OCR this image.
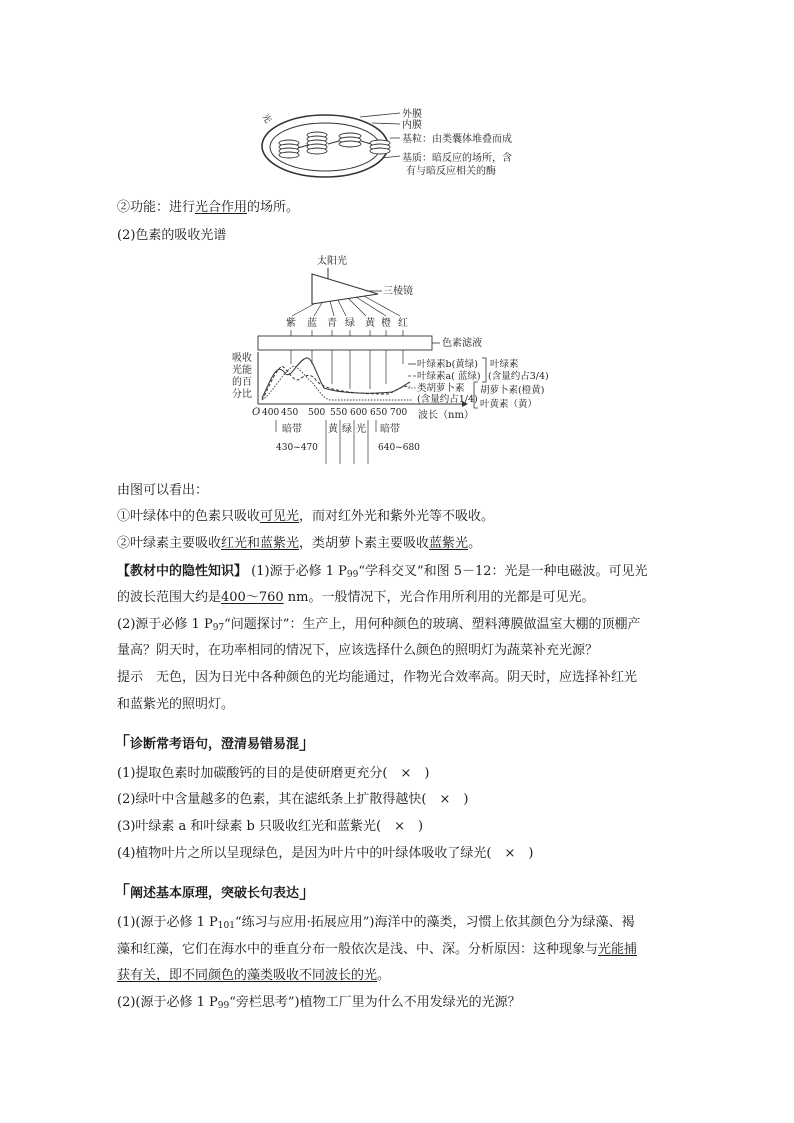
光	外膜
内膜
基粒：由类囊体堆叠而成
基质：暗反应的场所，含
有与暗反应相关的酶
②功能：进行光合作用的场所。
(2)色素的吸收光谱
太阳光
三棱镜
紫 蓝 青 绿 黄 橙 红
色素滤液
吸收
光能
的百
分比
O 400 450 500 550 600 650 700 波长（nm）
叶绿素b(黄绿)
叶绿素a( 蓝绿)
叶绿素
(含量约占3/4)
类胡萝卜素
(含量约占1/4)
胡萝卜素(橙黄)
叶黄素（黄）
暗带
430~470
黄 绿 光 暗带
640~680
由图可以看出：
①叶绿体中的色素只吸收可见光，而对红外光和紫外光等不吸收。
②叶绿素主要吸收红光和蓝紫光，类胡萝卜素主要吸收蓝紫光。
【教材中的隐性知识】 (1)源于必修 1 $P_{99}“$学科交叉”和图 5－12：光是一种电磁波。可见光
的波长范围大约是400～760 nm。一般情况下，光合作用所利用的光都是可见光。
(2)源于必修 1 $P_{97}“$问题探讨”：生产上，用何种颜色的玻璃、塑料薄膜做温室大棚的顶棚产
量高？阴天时，在功率相同的情况下，应该选择什么颜色的照明灯为蔬菜补充光源？
提示　无色，因为日光中各种颜色的光均能通过，作物光合效率高。阴天时，应选择补红光
和蓝紫光的照明灯。
「诊断常考语句，澄清易错易混」
(1)提取色素时加碳酸钙的目的是使研磨更充分(　×　)
(2)绿叶中含量越多的色素，其在滤纸条上扩散得越快(　×　)
(3)叶绿素 a 和叶绿素 b 只吸收红光和蓝紫光(　×　)
(4)植物叶片之所以呈现绿色，是因为叶片中的叶绿体吸收了绿光(　×　)
「阐述基本原理，突破长句表达」
(1)(源于必修 1 $P_{101}“$练习与应用·拓展应用”)海洋中的藻类，习惯上依其颜色分为绿藻、褐
藻和红藻，它们在海水中的垂直分布一般依次是浅、中、深。分析原因：这种现象与光能捕
获有关，即不同颜色的藻类吸收不同波长的光。
(2)(源于必修 1 $P_{99}“$旁栏思考”)植物工厂里为什么不用发绿光的光源？
